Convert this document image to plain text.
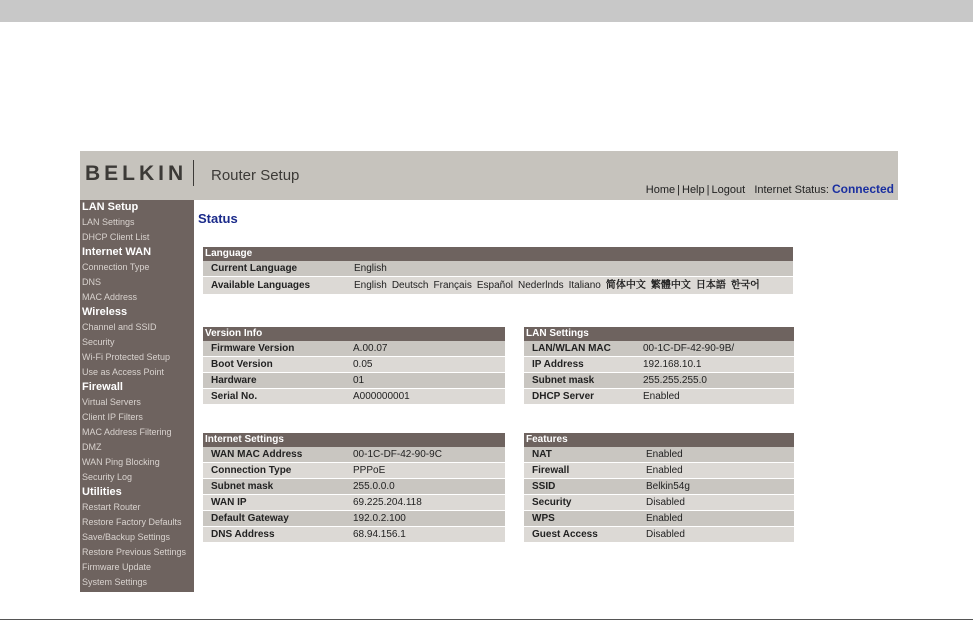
BELKIN Router Setup
Home | Help | Logout Internet Status: Connected
LAN Setup
LAN Settings
DHCP Client List
Internet WAN
Connection Type
DNS
MAC Address
Wireless
Channel and SSID
Security
Wi-Fi Protected Setup
Use as Access Point
Firewall
Virtual Servers
Client IP Filters
MAC Address Filtering
DMZ
WAN Ping Blocking
Security Log
Utilities
Restart Router
Restore Factory Defaults
Save/Backup Settings
Restore Previous Settings
Firmware Update
System Settings
Status
Language
Current Language	English
Available Languages	English Deutsch Français Español Nederlnds Italiano 简体中文 繁體中文 日本語 한국어
Version Info
Firmware Version	A.00.07
Boot Version	0.05
Hardware	01
Serial No.	A000000001
LAN Settings
LAN/WLAN MAC	00-1C-DF-42-90-9B/
IP Address	192.168.10.1
Subnet mask	255.255.255.0
DHCP Server	Enabled
Internet Settings
WAN MAC Address	00-1C-DF-42-90-9C
Connection Type	PPPoE
Subnet mask	255.0.0.0
WAN IP	69.225.204.118
Default Gateway	192.0.2.100
DNS Address	68.94.156.1
Features
NAT	Enabled
Firewall	Enabled
SSID	Belkin54g
Security	Disabled
WPS	Enabled
Guest Access	Disabled
